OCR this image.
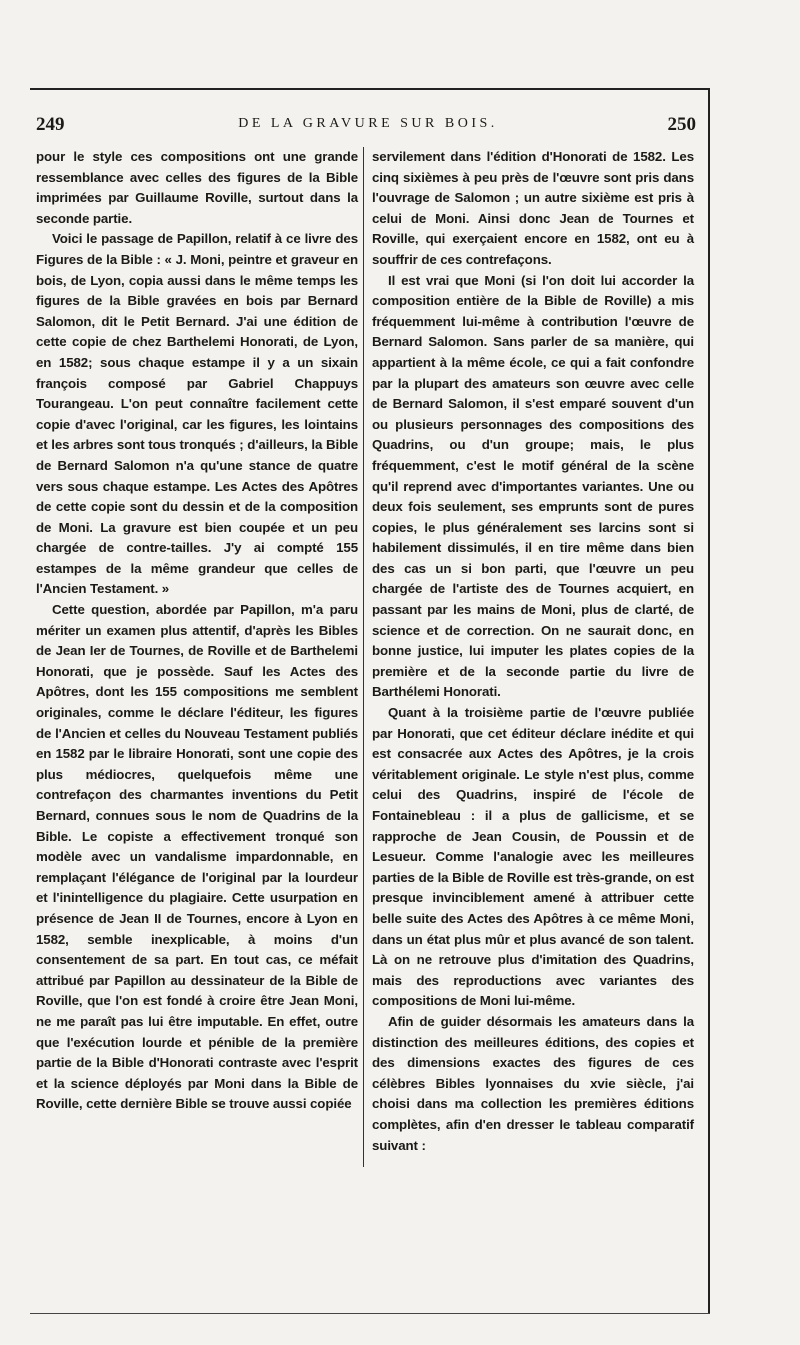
249	DE LA GRAVURE SUR BOIS.	250

pour le style ces compositions ont une grande ressemblance avec celles des figures de la Bible imprimées par Guillaume Roville, surtout dans la seconde partie.

Voici le passage de Papillon, relatif à ce livre des Figures de la Bible : « J. Moni, peintre et graveur en bois, de Lyon, copia aussi dans le même temps les figures de la Bible gravées en bois par Bernard Salomon, dit le Petit Bernard. J'ai une édition de cette copie de chez Barthelemi Honorati, de Lyon, en 1582; sous chaque estampe il y a un sixain françois composé par Gabriel Chappuys Tourangeau. L'on peut connaître facilement cette copie d'avec l'original, car les figures, les lointains et les arbres sont tous tronqués ; d'ailleurs, la Bible de Bernard Salomon n'a qu'une stance de quatre vers sous chaque estampe. Les Actes des Apôtres de cette copie sont du dessin et de la composition de Moni. La gravure est bien coupée et un peu chargée de contre-tailles. J'y ai compté 155 estampes de la même grandeur que celles de l'Ancien Testament. »

Cette question, abordée par Papillon, m'a paru mériter un examen plus attentif, d'après les Bibles de Jean Ier de Tournes, de Roville et de Barthelemi Honorati, que je possède. Sauf les Actes des Apôtres, dont les 155 compositions me semblent originales, comme le déclare l'éditeur, les figures de l'Ancien et celles du Nouveau Testament publiés en 1582 par le libraire Honorati, sont une copie des plus médiocres, quelquefois même une contrefaçon des charmantes inventions du Petit Bernard, connues sous le nom de Quadrins de la Bible. Le copiste a effectivement tronqué son modèle avec un vandalisme impardonnable, en remplaçant l'élégance de l'original par la lourdeur et l'inintelligence du plagiaire. Cette usurpation en présence de Jean II de Tournes, encore à Lyon en 1582, semble inexplicable, à moins d'un consentement de sa part. En tout cas, ce méfait attribué par Papillon au dessinateur de la Bible de Roville, que l'on est fondé à croire être Jean Moni, ne me paraît pas lui être imputable. En effet, outre que l'exécution lourde et pénible de la première partie de la Bible d'Honorati contraste avec l'esprit et la science déployés par Moni dans la Bible de Roville, cette dernière Bible se trouve aussi copiée

servilement dans l'édition d'Honorati de 1582. Les cinq sixièmes à peu près de l'œuvre sont pris dans l'ouvrage de Salomon ; un autre sixième est pris à celui de Moni. Ainsi donc Jean de Tournes et Roville, qui exerçaient encore en 1582, ont eu à souffrir de ces contrefaçons.

Il est vrai que Moni (si l'on doit lui accorder la composition entière de la Bible de Roville) a mis fréquemment lui-même à contribution l'œuvre de Bernard Salomon. Sans parler de sa manière, qui appartient à la même école, ce qui a fait confondre par la plupart des amateurs son œuvre avec celle de Bernard Salomon, il s'est emparé souvent d'un ou plusieurs personnages des compositions des Quadrins, ou d'un groupe; mais, le plus fréquemment, c'est le motif général de la scène qu'il reprend avec d'importantes variantes. Une ou deux fois seulement, ses emprunts sont de pures copies, le plus généralement ses larcins sont si habilement dissimulés, il en tire même dans bien des cas un si bon parti, que l'œuvre un peu chargée de l'artiste des de Tournes acquiert, en passant par les mains de Moni, plus de clarté, de science et de correction. On ne saurait donc, en bonne justice, lui imputer les plates copies de la première et de la seconde partie du livre de Barthélemi Honorati.

Quant à la troisième partie de l'œuvre publiée par Honorati, que cet éditeur déclare inédite et qui est consacrée aux Actes des Apôtres, je la crois véritablement originale. Le style n'est plus, comme celui des Quadrins, inspiré de l'école de Fontainebleau : il a plus de gallicisme, et se rapproche de Jean Cousin, de Poussin et de Lesueur. Comme l'analogie avec les meilleures parties de la Bible de Roville est très-grande, on est presque invinciblement amené à attribuer cette belle suite des Actes des Apôtres à ce même Moni, dans un état plus mûr et plus avancé de son talent. Là on ne retrouve plus d'imitation des Quadrins, mais des reproductions avec variantes des compositions de Moni lui-même.

Afin de guider désormais les amateurs dans la distinction des meilleures éditions, des copies et des dimensions exactes des figures de ces célèbres Bibles lyonnaises du xvie siècle, j'ai choisi dans ma collection les premières éditions complètes, afin d'en dresser le tableau comparatif suivant :
